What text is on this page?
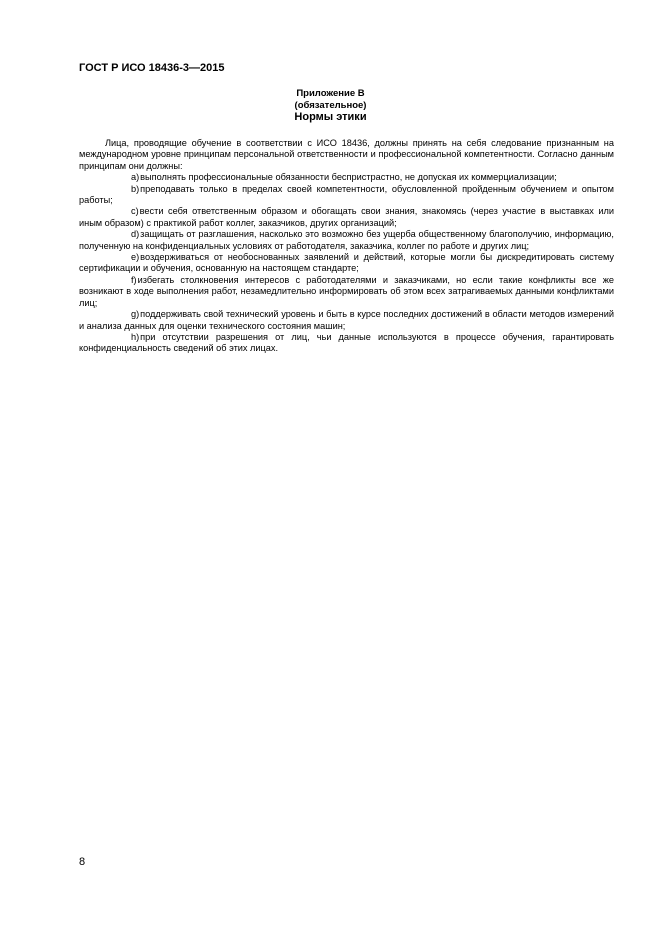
ГОСТ Р ИСО 18436-3—2015
Приложение В
(обязательное)
Нормы этики

Лица, проводящие обучение в соответствии с ИСО 18436, должны принять на себя следование признанным на международном уровне принципам персональной ответственности и профессиональной компетентности. Согласно данным принципам они должны:

a)выполнять профессиональные обязанности беспристрастно, не допуская их коммерциализации;

b)преподавать только в пределах своей компетентности, обусловленной пройденным обучением и опытом работы;

c)вести себя ответственным образом и обогащать свои знания, знакомясь (через участие в выставках или иным образом) с практикой работ коллег, заказчиков, других организаций;

d)защищать от разглашения, насколько это возможно без ущерба общественному благополучию, информацию, полученную на конфиденциальных условиях от работодателя, заказчика, коллег по работе и других лиц;

e)воздерживаться от необоснованных заявлений и действий, которые могли бы дискредитировать систему сертификации и обучения, основанную на настоящем стандарте;

f)избегать столкновения интересов с работодателями и заказчиками, но если такие конфликты все же возникают в ходе выполнения работ, незамедлительно информировать об этом всех затрагиваемых данными конфликтами лиц;

g)поддерживать свой технический уровень и быть в курсе последних достижений в области методов измерений и анализа данных для оценки технического состояния машин;

h)при отсутствии разрешения от лиц, чьи данные используются в процессе обучения, гарантировать конфиденциальность сведений об этих лицах.

8
